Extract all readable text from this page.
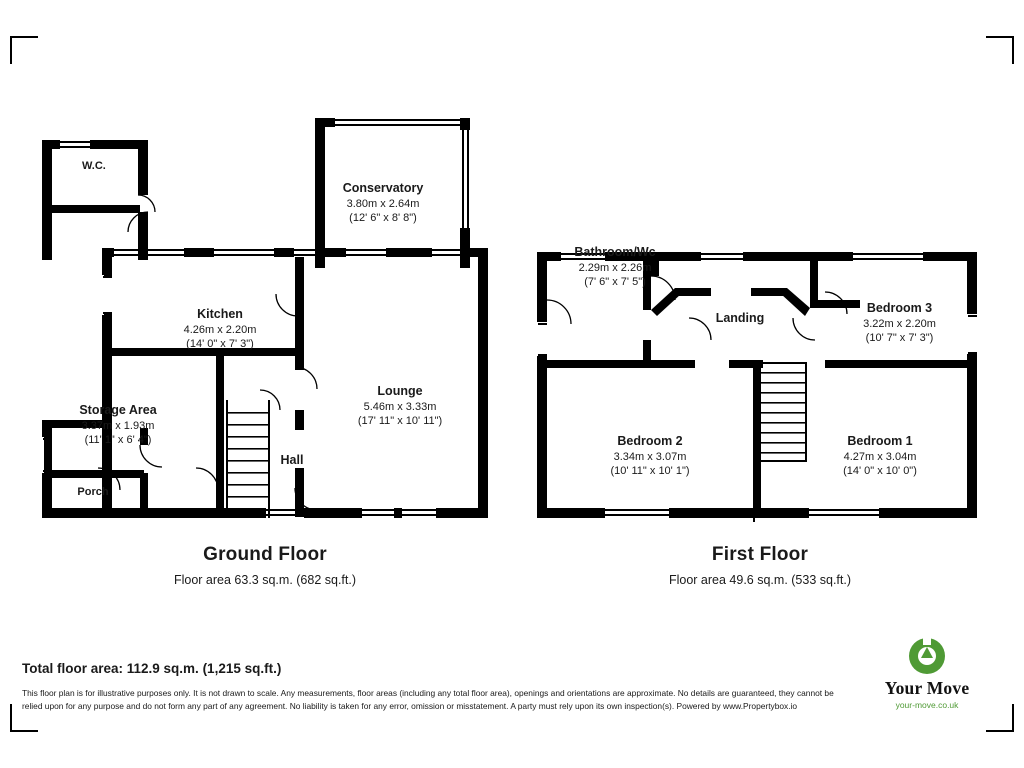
W.C.
Conservatory
3.80m x 2.64m
(12' 6" x 8' 8")
Kitchen
4.26m x 2.20m
(14' 0" x 7' 3")
Lounge
5.46m x 3.33m
(17' 11" x 10' 11")
Storage Area
3.37m x 1.93m
(11' 1" x 6' 4")
Hall
Porch
Bathroom/Wc
2.29m x 2.26m
(7' 6" x 7' 5")
Landing
Bedroom 3
3.22m x 2.20m
(10' 7" x 7' 3")
Bedroom 2
3.34m x 3.07m
(10' 11" x 10' 1")
Bedroom 1
4.27m x 3.04m
(14' 0" x 10' 0")
Ground Floor
Floor area 63.3 sq.m. (682 sq.ft.)
First Floor
Floor area 49.6 sq.m. (533 sq.ft.)
Total floor area: 112.9 sq.m. (1,215 sq.ft.)
This floor plan is for illustrative purposes only. It is not drawn to scale. Any measurements, floor areas (including any total floor area), openings and orientations are approximate. No details are guaranteed, they cannot be relied upon for any purpose and do not form any part of any agreement. No liability is taken for any error, omission or misstatement. A party must rely upon its own inspection(s). Powered by www.Propertybox.io
Your Move
your-move.co.uk
